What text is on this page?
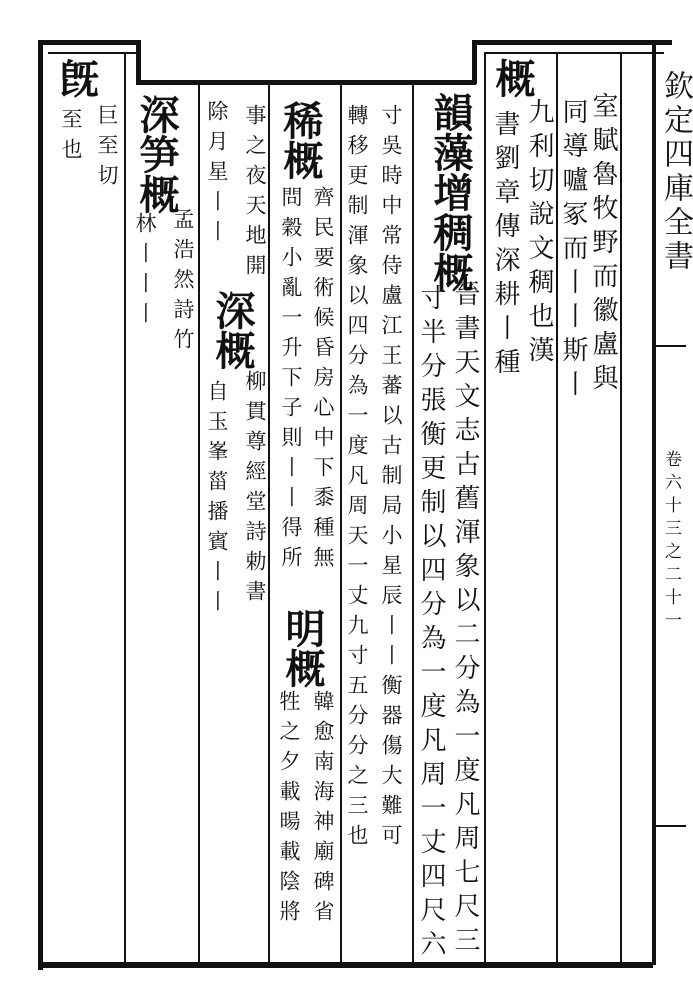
欽定四庫全書
卷六十三之二十一
室賦魯牧野而徽盧與
同導嚧冢而丨丨斯丨
概
九利切說文稠也漢
書劉章傳深耕丨種
韻藻增稠概
晉書天文志古舊渾象以二分為一度凡周七尺三
寸半分張衡更制以四分為一度凡周一丈四尺六
寸吳時中常侍盧江王蕃以古制局小星辰丨丨衡器傷大難可
轉移更制渾象以四分為一度凡周天一丈九寸五分分之三也
稀概
齊民要術候昏房心中下黍種無
問穀小亂一升下子則丨丨得所
明概
韓愈南海神廟碑省
牲之夕載暘載陰將
事之夜天地開
深概
柳貫尊經堂詩勅書
除月星丨丨
自玉峯菑播賓丨丨
深笋概
孟浩然詩竹
林丨丨丨
旣
巨至切
至也
